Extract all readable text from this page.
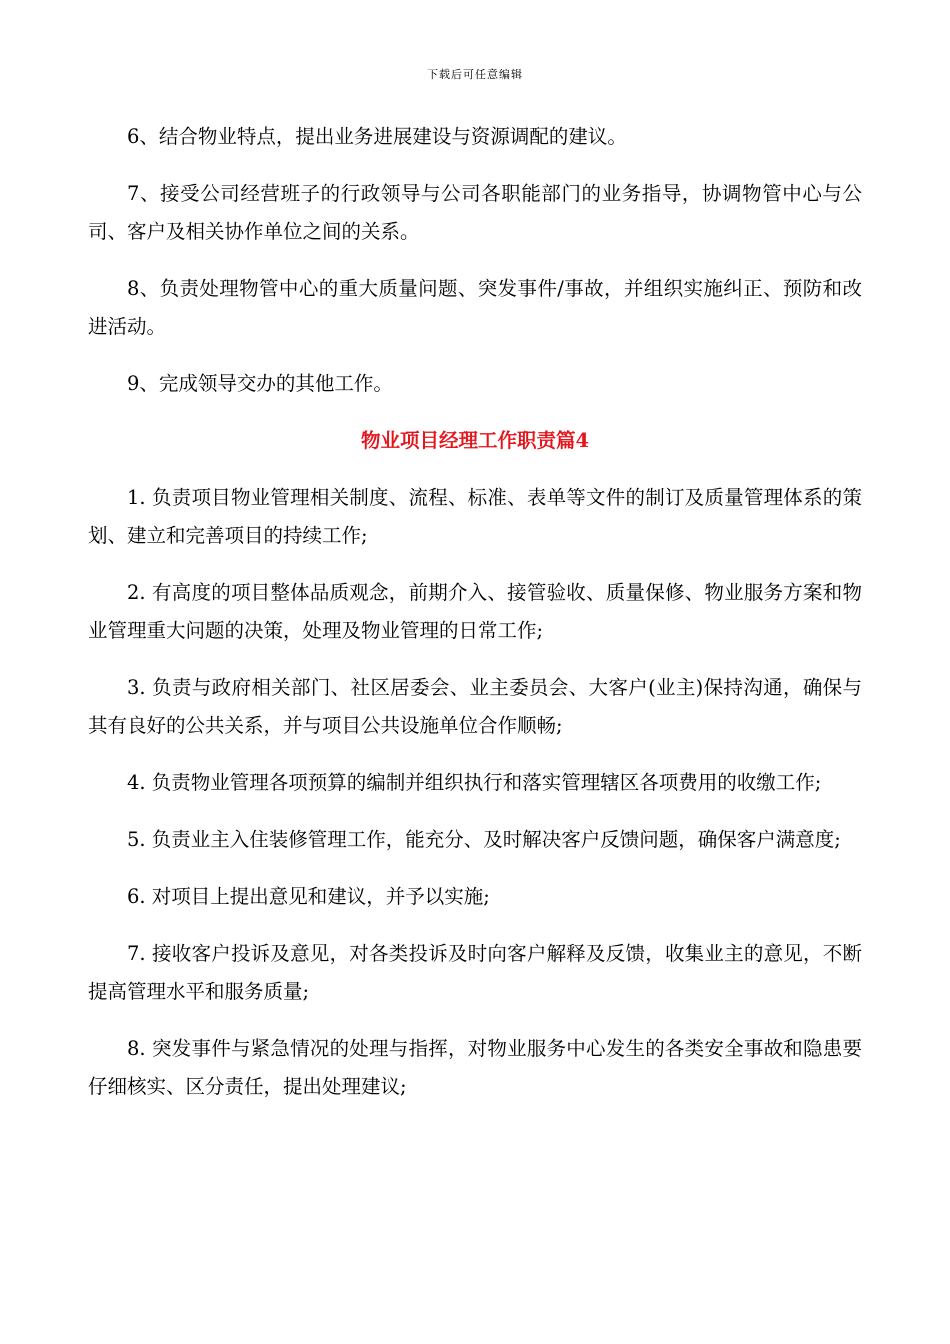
下载后可任意编辑

6、结合物业特点，提出业务进展建设与资源调配的建议。

7、接受公司经营班子的行政领导与公司各职能部门的业务指导，协调物管中心与公司、客户及相关协作单位之间的关系。

8、负责处理物管中心的重大质量问题、突发事件/事故，并组织实施纠正、预防和改进活动。

9、完成领导交办的其他工作。

物业项目经理工作职责篇4

1. 负责项目物业管理相关制度、流程、标准、表单等文件的制订及质量管理体系的策划、建立和完善项目的持续工作;

2. 有高度的项目整体品质观念，前期介入、接管验收、质量保修、物业服务方案和物业管理重大问题的决策，处理及物业管理的日常工作;

3. 负责与政府相关部门、社区居委会、业主委员会、大客户(业主)保持沟通，确保与其有良好的公共关系，并与项目公共设施单位合作顺畅;

4. 负责物业管理各项预算的编制并组织执行和落实管理辖区各项费用的收缴工作;

5. 负责业主入住装修管理工作，能充分、及时解决客户反馈问题，确保客户满意度;

6. 对项目上提出意见和建议，并予以实施;

7. 接收客户投诉及意见，对各类投诉及时向客户解释及反馈，收集业主的意见，不断提高管理水平和服务质量;

8. 突发事件与紧急情况的处理与指挥，对物业服务中心发生的各类安全事故和隐患要仔细核实、区分责任，提出处理建议;
